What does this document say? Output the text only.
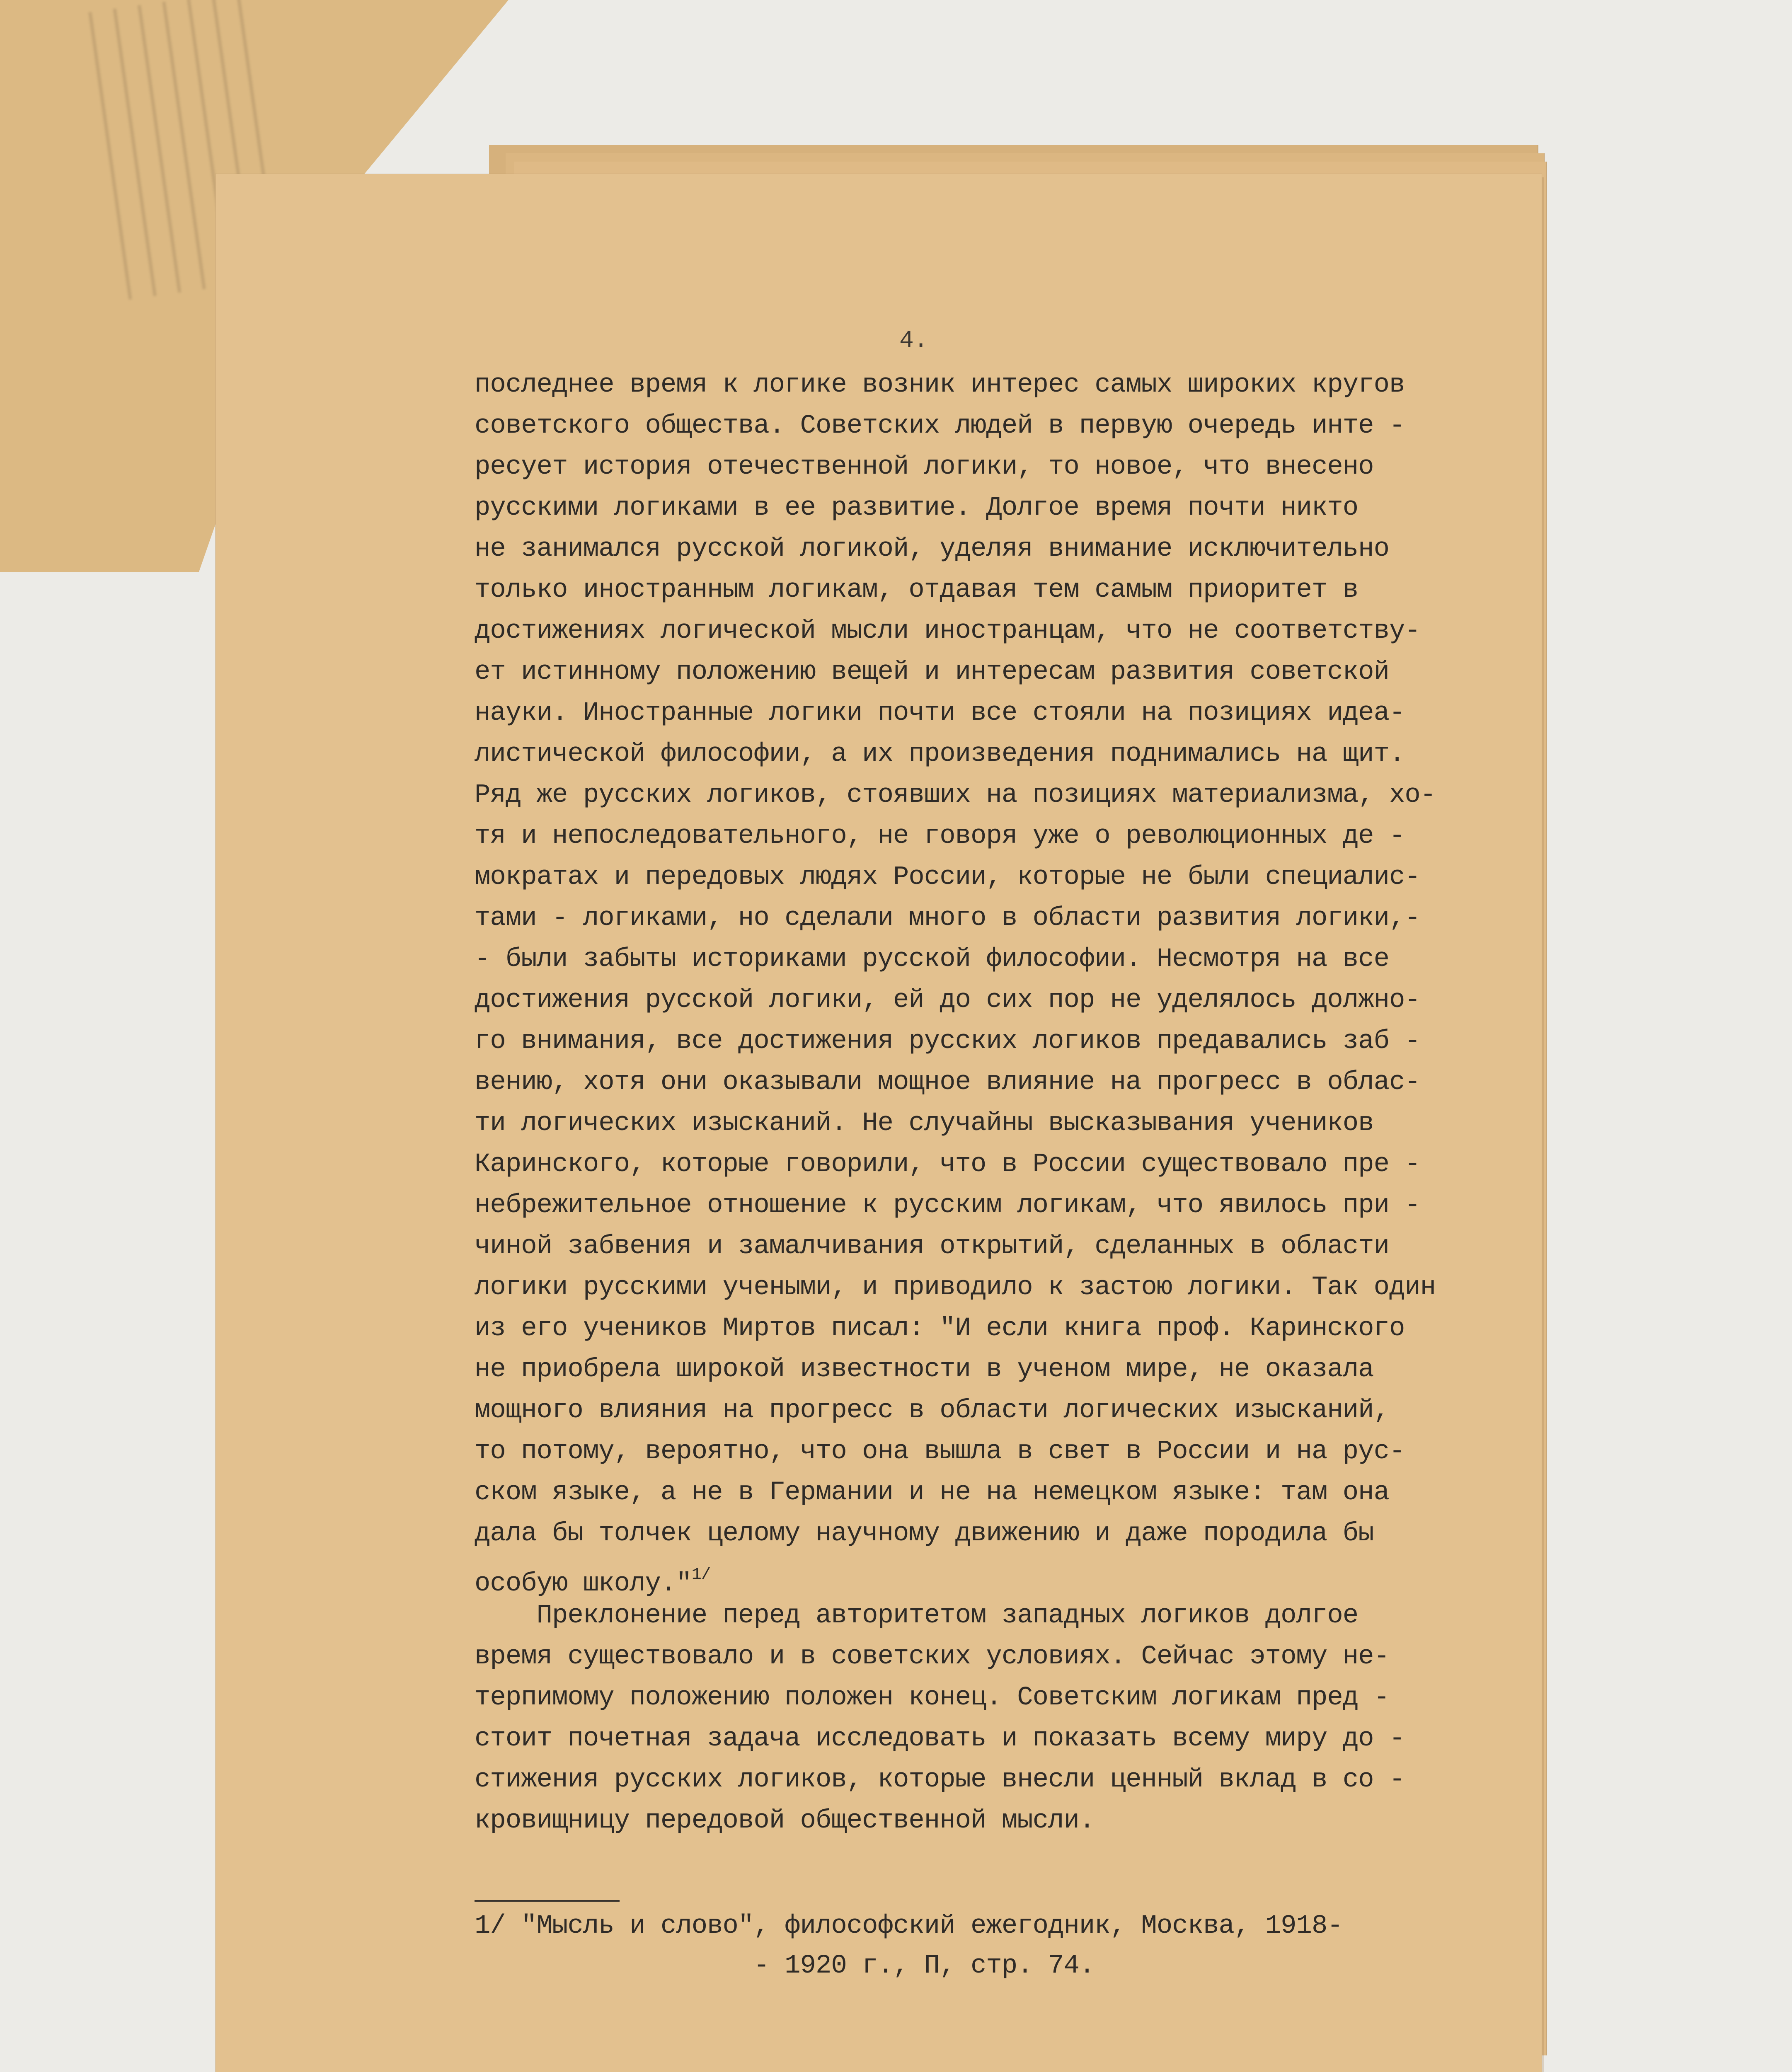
4.
последнее время к логике возник интерес самых широких кругов
советского общества. Советских людей в первую очередь инте -
ресует история отечественной логики, то новое, что внесено
русскими логиками в ее развитие. Долгое время почти никто
не занимался русской логикой, уделяя внимание исключительно
только иностранным логикам, отдавая тем самым приоритет в
достижениях логической мысли иностранцам, что не соответству-
ет истинному положению вещей и интересам развития советской
науки. Иностранные логики почти все стояли на позициях идеа-
листической философии, а их произведения поднимались на щит.
Ряд же русских логиков, стоявших на позициях материализма, хо-
тя и непоследовательного, не говоря уже о революционных де -
мократах и передовых людях России, которые не были специалис-
тами - логиками, но сделали много в области развития логики,-
- были забыты историками русской философии. Несмотря на все
достижения русской логики, ей до сих пор не уделялось должно-
го внимания, все достижения русских логиков предавались заб -
вению, хотя они оказывали мощное влияние на прогресс в облас-
ти логических изысканий. Не случайны высказывания учеников
Каринского, которые говорили, что в России существовало пре -
небрежительное отношение к русским логикам, что явилось при -
чиной забвения и замалчивания открытий, сделанных в области
логики русскими учеными, и приводило к застою логики. Так один
из его учеников Миртов писал: "И если книга проф. Каринского
не приобрела широкой известности в ученом мире, не оказала
мощного влияния на прогресс в области логических изысканий,
то потому, вероятно, что она вышла в свет в России и на рус-
ском языке, а не в Германии и не на немецком языке: там она
дала бы толчек целому научному движению и даже породила бы
особую школу."$^{1/}$
Преклонение перед авторитетом западных логиков долгое
время существовало и в советских условиях. Сейчас этому не-
терпимому положению положен конец. Советским логикам пред -
стоит почетная задача исследовать и показать всему миру до -
стижения русских логиков, которые внесли ценный вклад в со -
кровищницу передовой общественной мысли.
1/ "Мысль и слово", философский ежегодник, Москва, 1918-
- 1920 г., П, стр. 74.
